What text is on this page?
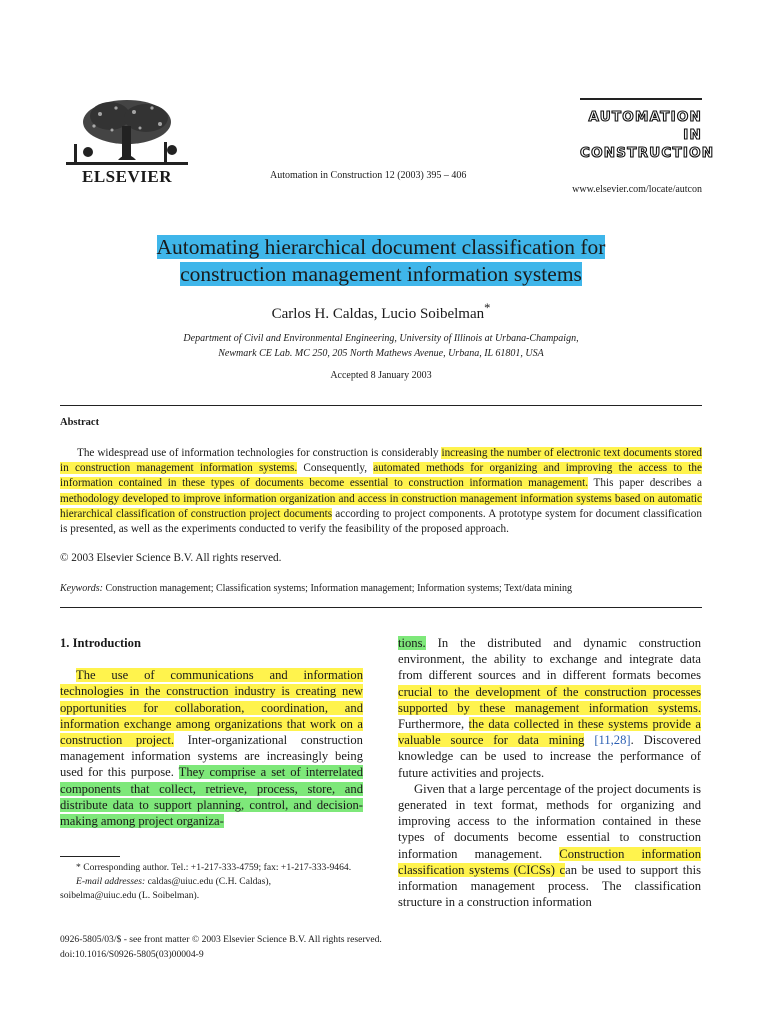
ELSEVIER	Automation in Construction 12 (2003) 395 – 406
AUTOMATION IN
CONSTRUCTION
www.elsevier.com/locate/autcon
Automating hierarchical document classification for
construction management information systems
Carlos H. Caldas, Lucio Soibelman*
Department of Civil and Environmental Engineering, University of Illinois at Urbana-Champaign,
Newmark CE Lab. MC 250, 205 North Mathews Avenue, Urbana, IL 61801, USA
Accepted 8 January 2003
Abstract

The widespread use of information technologies for construction is considerably increasing the number of electronic text documents stored in construction management information systems. Consequently, automated methods for organizing and improving the access to the information contained in these types of documents become essential to construction information management. This paper describes a methodology developed to improve information organization and access in construction management information systems based on automatic hierarchical classification of construction project documents according to project components. A prototype system for document classification is presented, as well as the experiments conducted to verify the feasibility of the proposed approach.

© 2003 Elsevier Science B.V. All rights reserved.
Keywords: Construction management; Classification systems; Information management; Information systems; Text/data mining
1. Introduction

The use of communications and information technologies in the construction industry is creating new opportunities for collaboration, coordination, and information exchange among organizations that work on a construction project. Inter-organizational construction management information systems are increasingly being used for this purpose. They comprise a set of interrelated components that collect, retrieve, process, store, and distribute data to support planning, control, and decision-making among project organiza-

* Corresponding author. Tel.: +1-217-333-4759; fax: +1-217-333-9464.

E-mail addresses: caldas@uiuc.edu (C.H. Caldas),

soibelma@uiuc.edu (L. Soibelman).

tions. In the distributed and dynamic construction environment, the ability to exchange and integrate data from different sources and in different formats becomes crucial to the development of the construction processes supported by these management information systems. Furthermore, the data collected in these systems provide a valuable source for data mining [11,28]. Discovered knowledge can be used to increase the performance of future activities and projects.

Given that a large percentage of the project documents is generated in text format, methods for organizing and improving access to the information contained in these types of documents become essential to construction information management. Construction information classification systems (CICSs) can be used to support this information management process. The classification structure in a construction information

0926-5805/03/$ - see front matter © 2003 Elsevier Science B.V. All rights reserved.
doi:10.1016/S0926-5805(03)00004-9
